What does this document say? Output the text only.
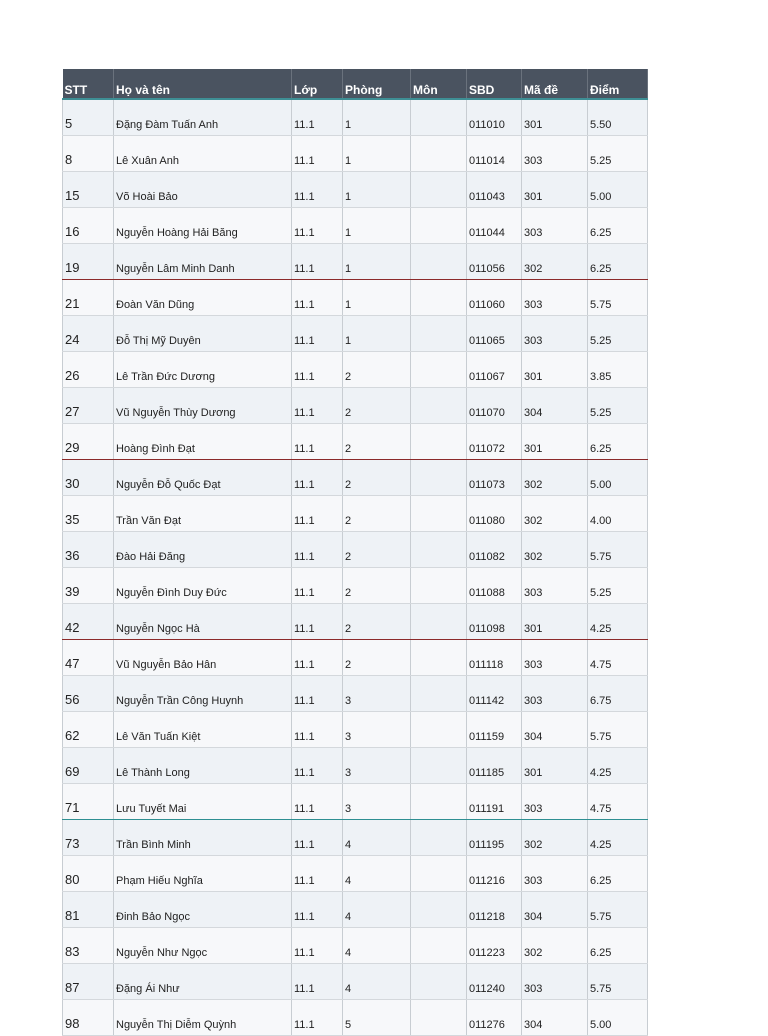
STT	Họ và tên	Lớp	Phòng	Môn	SBD	Mã đề	Điểm
5	Đặng Đàm Tuấn Anh	11.1	1		011010	301	5.50
8	Lê Xuân Anh	11.1	1		011014	303	5.25
15	Võ Hoài Bảo	11.1	1		011043	301	5.00
16	Nguyễn Hoàng Hải Băng	11.1	1		011044	303	6.25
19	Nguyễn Lâm Minh Danh	11.1	1		011056	302	6.25
21	Đoàn Văn Dũng	11.1	1		011060	303	5.75
24	Đỗ Thị Mỹ Duyên	11.1	1		011065	303	5.25
26	Lê Trần Đức Dương	11.1	2		011067	301	3.85
27	Vũ Nguyễn Thùy Dương	11.1	2		011070	304	5.25
29	Hoàng Đình Đạt	11.1	2		011072	301	6.25
30	Nguyễn Đỗ Quốc Đạt	11.1	2		011073	302	5.00
35	Trần Văn Đạt	11.1	2		011080	302	4.00
36	Đào Hải Đăng	11.1	2		011082	302	5.75
39	Nguyễn Đình Duy Đức	11.1	2		011088	303	5.25
42	Nguyễn Ngọc Hà	11.1	2		011098	301	4.25
47	Vũ Nguyễn Bảo Hân	11.1	2		011118	303	4.75
56	Nguyễn Trần Công Huynh	11.1	3		011142	303	6.75
62	Lê Văn Tuấn Kiệt	11.1	3		011159	304	5.75
69	Lê Thành Long	11.1	3		011185	301	4.25
71	Lưu Tuyết Mai	11.1	3		011191	303	4.75
73	Trần Bình Minh	11.1	4		011195	302	4.25
80	Phạm Hiếu Nghĩa	11.1	4		011216	303	6.25
81	Đinh Bảo Ngọc	11.1	4		011218	304	5.75
83	Nguyễn Như Ngọc	11.1	4		011223	302	6.25
87	Đặng Ái Như	11.1	4		011240	303	5.75
98	Nguyễn Thị Diễm Quỳnh	11.1	5		011276	304	5.00
